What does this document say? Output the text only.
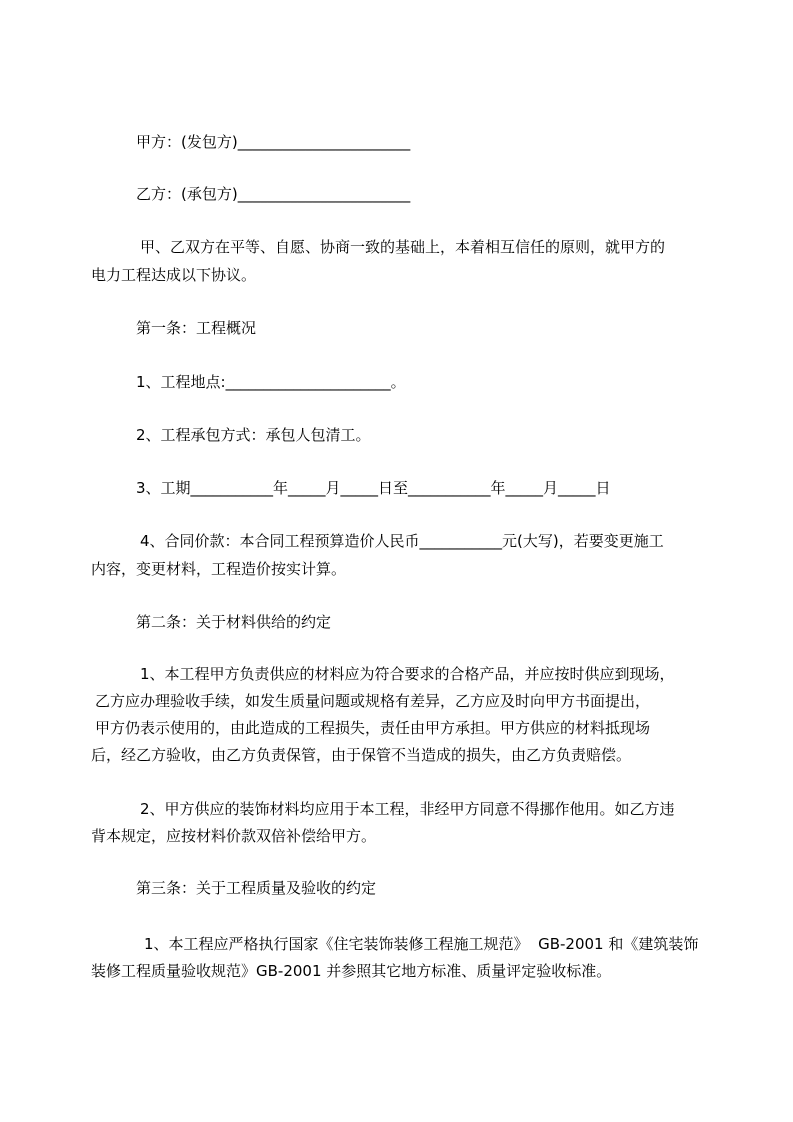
甲方：(发包方)_______________________
乙方：(承包方)_______________________
甲、乙双方在平等、自愿、协商一致的基础上，本着相互信任的原则，就甲方的
电力工程达成以下协议。
第一条：工程概况
1、工程地点:______________________。
2、工程承包方式：承包人包清工。
3、工期___________年_____月_____日至___________年_____月_____日
4、合同价款：本合同工程预算造价人民币___________元(大写)，若要变更施工
内容，变更材料，工程造价按实计算。
第二条：关于材料供给的约定
1、本工程甲方负责供应的材料应为符合要求的合格产品，并应按时供应到现场，
乙方应办理验收手续，如发生质量问题或规格有差异，乙方应及时向甲方书面提出，
甲方仍表示使用的，由此造成的工程损失，责任由甲方承担。甲方供应的材料抵现场
后，经乙方验收，由乙方负责保管，由于保管不当造成的损失，由乙方负责赔偿。
2、甲方供应的装饰材料均应用于本工程，非经甲方同意不得挪作他用。如乙方违
背本规定，应按材料价款双倍补偿给甲方。
第三条：关于工程质量及验收的约定
1、本工程应严格执行国家《住宅装饰装修工程施工规范》  GB-2001 和《建筑装饰
装修工程质量验收规范》GB-2001 并参照其它地方标准、质量评定验收标准。
